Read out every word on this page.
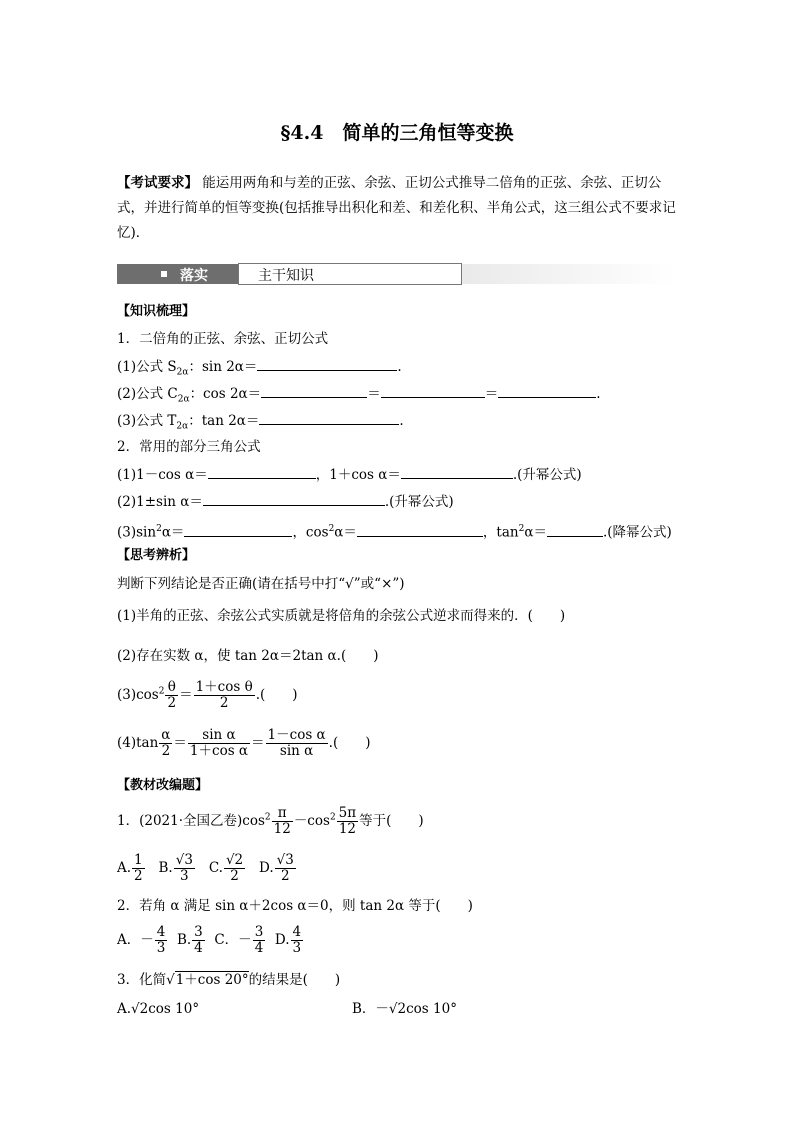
§4.4　简单的三角恒等变换
【考试要求】 能运用两角和与差的正弦、余弦、正切公式推导二倍角的正弦、余弦、正切公式，并进行简单的恒等变换(包括推导出积化和差、和差化积、半角公式，这三组公式不要求记忆)．
落实	主干知识
【知识梳理】
1．二倍角的正弦、余弦、正切公式
(1)公式 $S_{2\alpha}$：sin 2α＝	.
(2)公式 $C_{2\alpha}$：cos 2α＝	＝	＝	.
(3)公式 $T_{2\alpha}$：tan 2α＝	.
2．常用的部分三角公式
(1)1－cos α＝	，1＋cos α＝	.(升幂公式)
(2)1±sin α＝	.(升幂公式)
$(3)\sin^2\alpha=$	，$\cos^2\alpha=$	，$\tan^2\alpha=$	.(降幂公式)
【思考辨析】
判断下列结论是否正确(请在括号中打“√”或“×”)
(1)半角的正弦、余弦公式实质就是将倍角的余弦公式逆求而得来的．(　　)
(2)存在实数 α，使 tan 2α＝2tan α.(　　)
$(3)\cos^2 \frac{\theta}{2} = \frac{\text{1＋cos θ}}{2}$ .(　　)
$(4)\tan \frac{\alpha}{2} = \frac{\text{sin α}}{\text{1＋cos α}} = \frac{\text{1－cos α}}{\text{sin α}}$ .(　　)
【教材改编题】
1．(2021·全国乙卷)$\cos^2 \frac{\pi}{12} -\cos^2 \frac{5\pi}{12}$ 等于(　　)
A. $\frac{1}{2} B$. $\frac{√3}{3} C$. $\frac{√2}{2} D$. $\frac{√3}{2}$
2．若角 α 满足 sin α＋2cos α＝0，则 tan 2α 等于(　　)
A．－ $\frac{4}{3} B$. $\frac{3}{4}$ C．－ $\frac{3}{4} D$. $\frac{4}{3}$
3．化简√1＋cos 20°的结果是(　　)
A.√2cos 10°	B．－√2cos 10°
